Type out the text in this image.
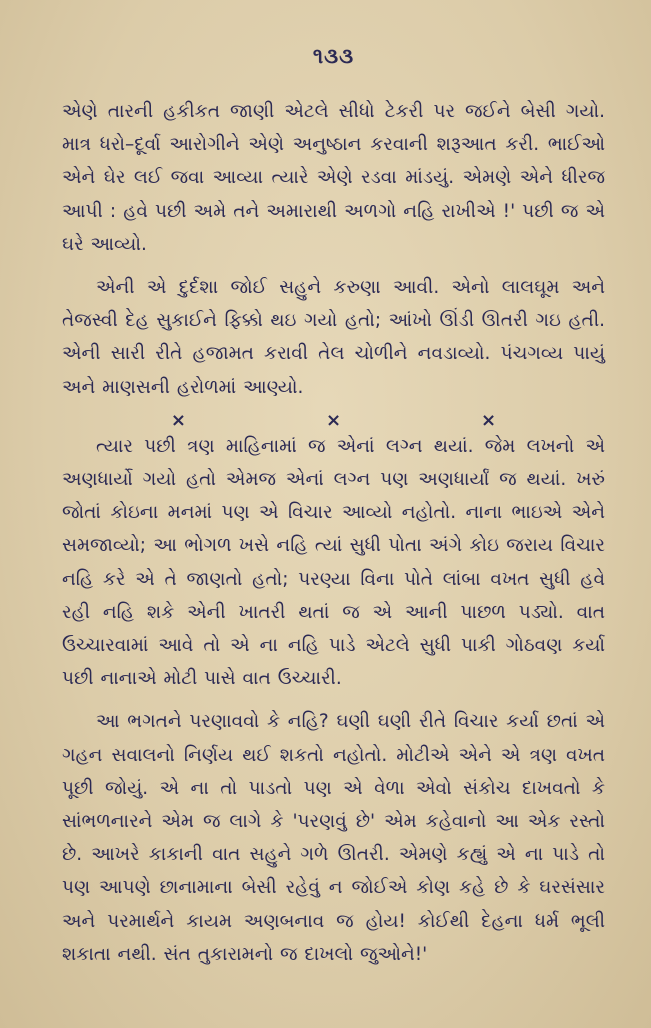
૧૩૩

એણે તારની હકીકત જાણી એટલે સીધો ટેકરી પર જઈને બેસી ગયો. માત્ર ધરો–દૂર્વા આરોગીને એણે અનુષ્ઠાન કરવાની શરૂઆત કરી. ભાઈઓ એને ઘેર લઈ જવા આવ્યા ત્યારે એણે રડવા માંડયું. એમણે એને ધીરજ આપી : હવે પછી અમે તને અમારાથી અળગો નહિ રાખીએ !' પછી જ એ ઘરે આવ્યો.

એની એ દુર્દશા જોઈ સહુને કરુણા આવી. એનો લાલઘૂમ અને તેજસ્વી દેહ સુકાઈને ફિક્કો થઇ ગયો હતો; આંખો ઊંડી ઊતરી ગઇ હતી. એની સારી રીતે હજામત કરાવી તેલ ચોળીને નવડાવ્યો. પંચગવ્ય પાયું અને માણસની હરોળમાં આણ્યો.

×	×	×

ત્યાર પછી ત્રણ માહિનામાં જ એનાં લગ્ન થયાં. જેમ લખનો એ અણધાર્યો ગયો હતો એમજ એનાં લગ્ન પણ અણધાર્યાં જ થયાં. ખરું જોતાં કોઇના મનમાં પણ એ વિચાર આવ્યો નહોતો. નાના ભાઇએ એને સમજાવ્યો; આ ભોગળ ખસે નહિ ત્યાં સુધી પોતા અંગે કોઇ જરાય વિચાર નહિ કરે એ તે જાણતો હતો; પરણ્યા વિના પોતે લાંબા વખત સુધી હવે રહી નહિ શકે એની ખાતરી થતાં જ એ આની પાછળ પડ્યો. વાત ઉચ્ચારવામાં આવે તો એ ના નહિ પાડે એટલે સુધી પાકી ગોઠવણ કર્યા પછી નાનાએ મોટી પાસે વાત ઉચ્ચારી.

આ ભગતને પરણાવવો કે નહિ? ઘણી ઘણી રીતે વિચાર કર્યા છતાં એ ગહન સવાલનો નિર્ણય થઈ શકતો નહોતો. મોટીએ એને એ ત્રણ વખત પૂછી જોયું. એ ના તો પાડતો પણ એ વેળા એવો સંકોચ દાખવતો કે સાંભળનારને એમ જ લાગે કે 'પરણવું છે' એમ કહેવાનો આ એક રસ્તો છે. આખરે કાકાની વાત સહુને ગળે ઊતરી. એમણે કહ્યું એ ના પાડે તો પણ આપણે છાનામાના બેસી રહેવું ન જોઈએ કોણ કહે છે કે ઘરસંસાર અને પરમાર્થને કાયમ અણબનાવ જ હોય! કોઈથી દેહના ધર્મ ભૂલી શકાતા નથી. સંત તુકારામનો જ દાખલો જુઓને!'
